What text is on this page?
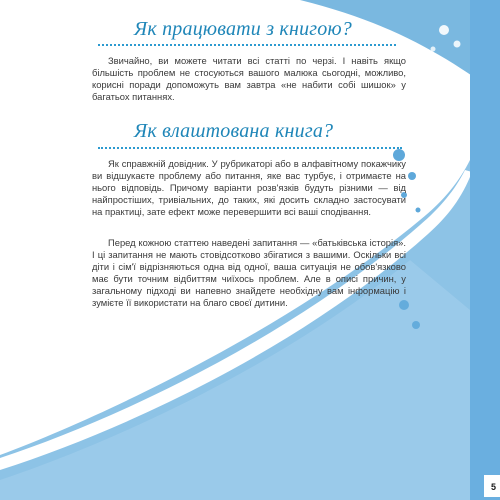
Як працювати з книгою?

Звичайно, ви можете читати всі статті по черзі. І навіть якщо більшість проблем не стосуються вашого малюка сьогодні, можливо, корисні поради допоможуть вам завтра «не набити собі шишок» у багатьох питаннях.

Як влаштована книга?

Як справжній довідник. У рубрикаторі або в алфавітному покажчику ви відшукаєте проблему або питання, яке вас турбує, і отримаєте на нього відповідь. Причому варіанти розв'язків будуть різними — від найпростіших, тривіальних, до таких, які досить складно застосувати на практиці, зате ефект може перевершити всі ваші сподівання.

Перед кожною статтею наведені запитання — «батьківська історія». І ці запитання не мають стовідсотково збігатися з вашими. Оскільки всі діти і сім'ї відрізняються одна від одної, ваша ситуація не обов'язково має бути точним відбиттям чиїхось проблем. Але в описі причин, у загальному підході ви напевно знайдете необхідну вам інформацію і зумієте її використати на благо своєї дитини.

5
